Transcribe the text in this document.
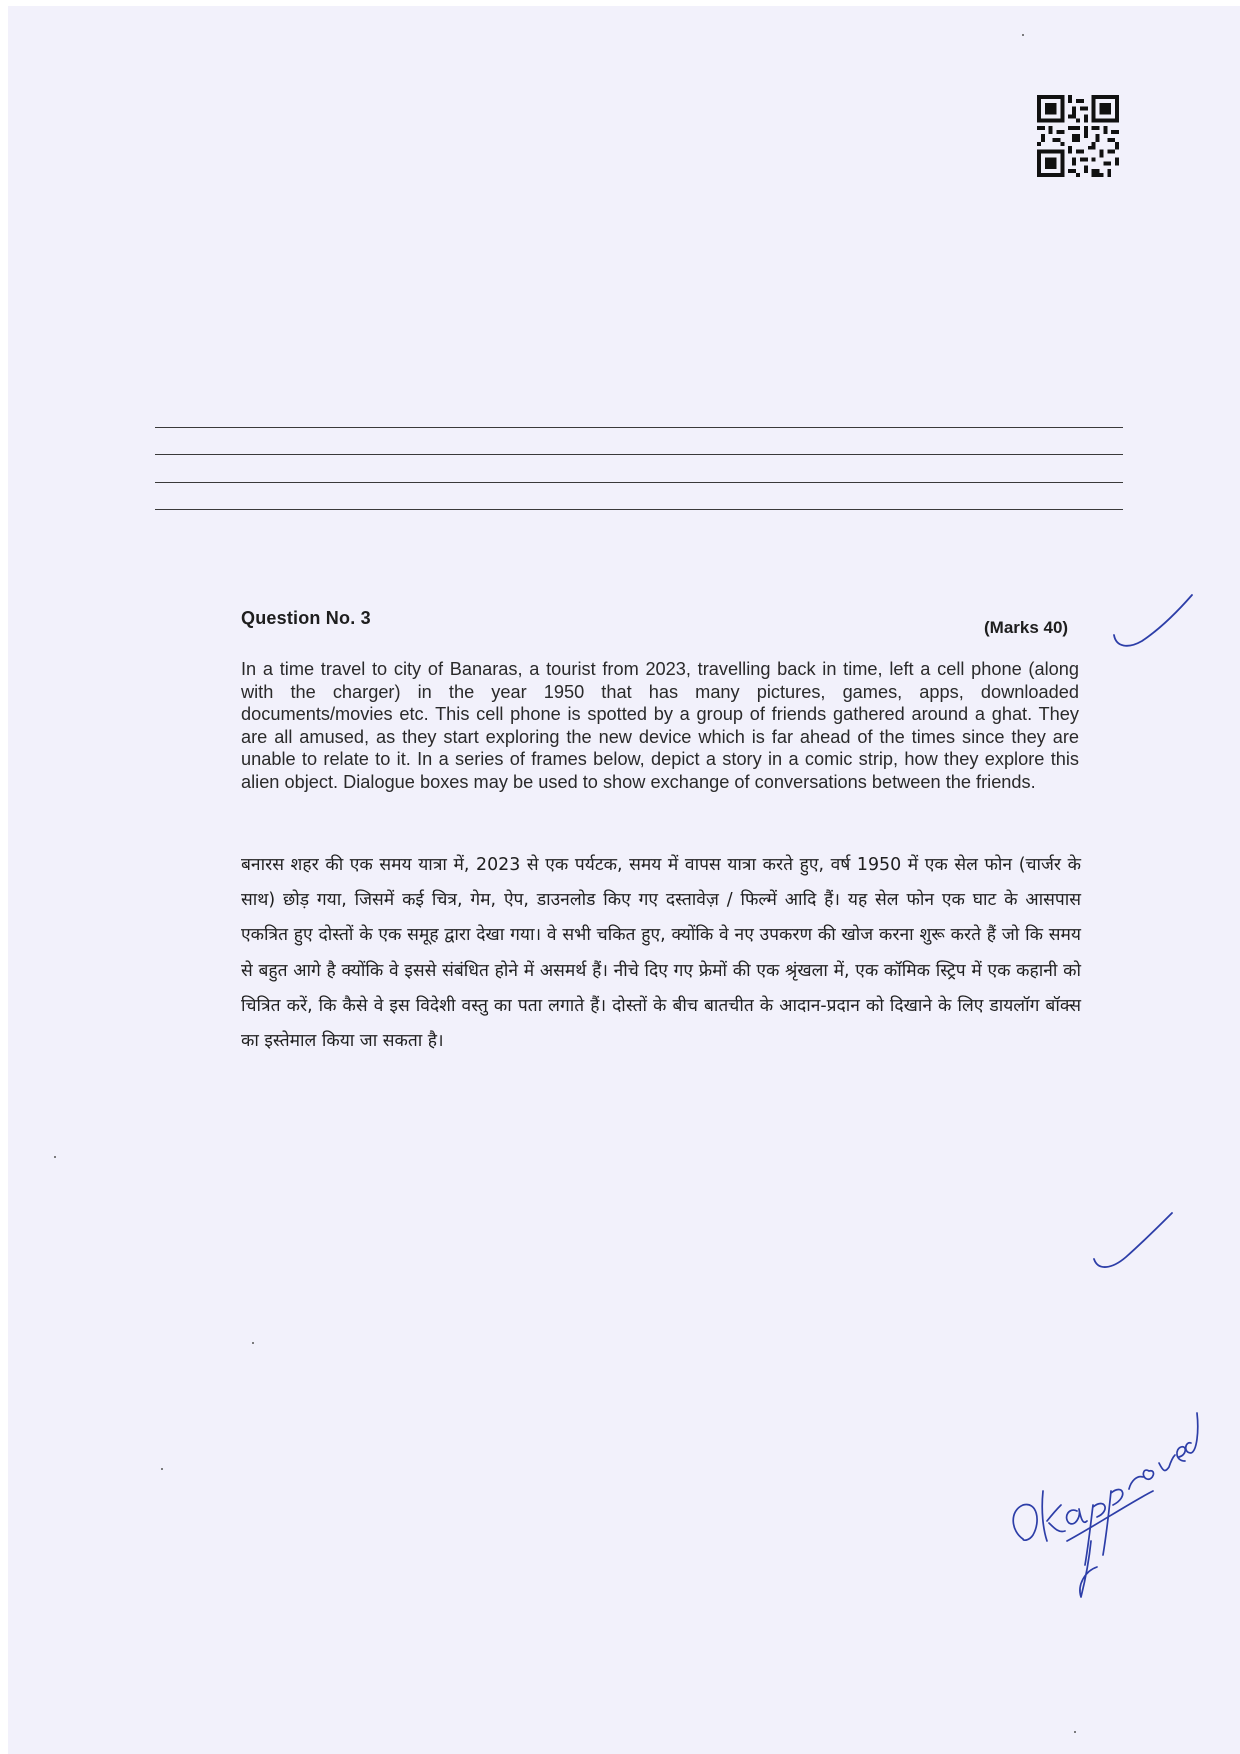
Question No. 3	(Marks 40)

In a time travel to city of Banaras, a tourist from 2023, travelling back in time, left a cell phone (along with the charger) in the year 1950 that has many pictures, games, apps, downloaded documents/movies etc. This cell phone is spotted by a group of friends gathered around a ghat. They are all amused, as they start exploring the new device which is far ahead of the times since they are unable to relate to it. In a series of frames below, depict a story in a comic strip, how they explore this alien object. Dialogue boxes may be used to show exchange of conversations between the friends.

बनारस शहर की एक समय यात्रा में, 2023 से एक पर्यटक, समय में वापस यात्रा करते हुए, वर्ष 1950 में एक सेल फोन (चार्जर के साथ) छोड़ गया, जिसमें कई चित्र, गेम, ऐप, डाउनलोड किए गए दस्तावेज़ / फिल्में आदि हैं। यह सेल फोन एक घाट के आसपास एकत्रित हुए दोस्तों के एक समूह द्वारा देखा गया। वे सभी चकित हुए, क्योंकि वे नए उपकरण की खोज करना शुरू करते हैं जो कि समय से बहुत आगे है क्योंकि वे इससे संबंधित होने में असमर्थ हैं। नीचे दिए गए फ्रेमों की एक श्रृंखला में, एक कॉमिक स्ट्रिप में एक कहानी को चित्रित करें, कि कैसे वे इस विदेशी वस्तु का पता लगाते हैं। दोस्तों के बीच बातचीत के आदान-प्रदान को दिखाने के लिए डायलॉग बॉक्स का इस्तेमाल किया जा सकता है।
